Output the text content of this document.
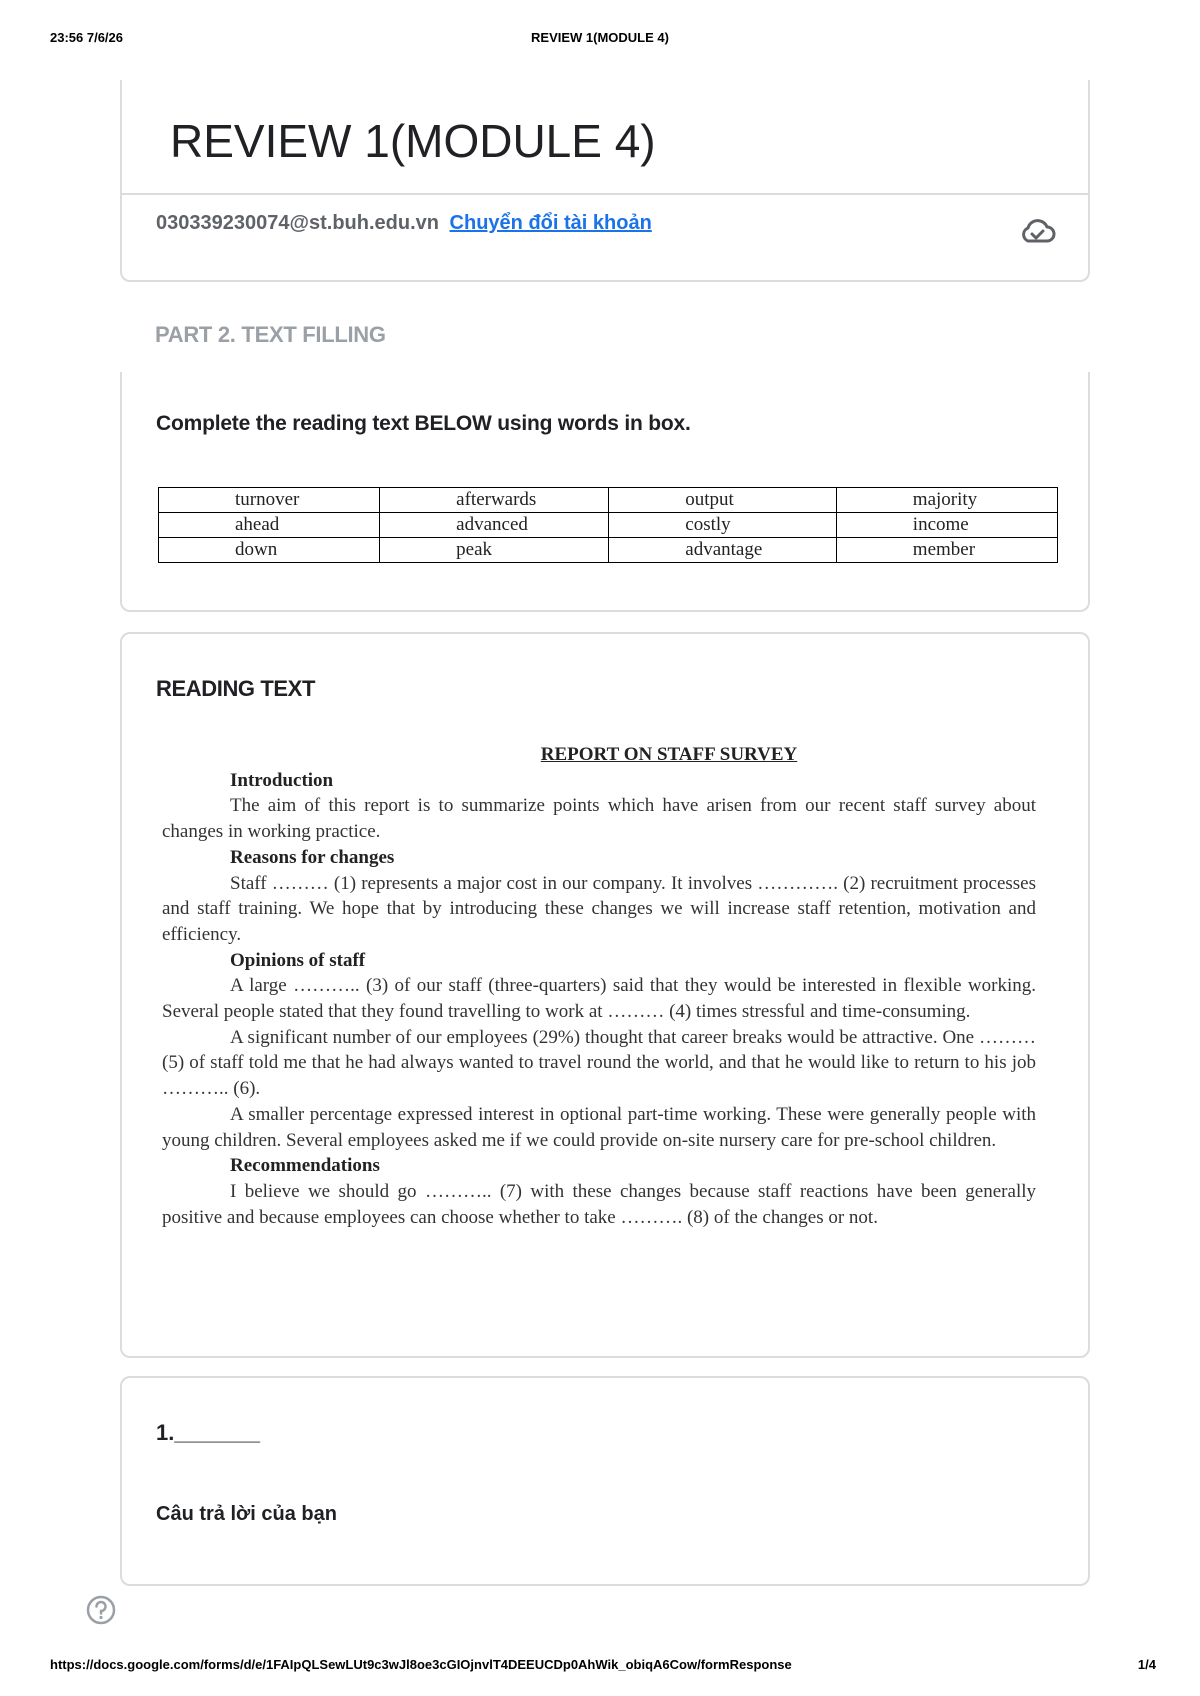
23:56 7/6/26	REVIEW 1(MODULE 4)
REVIEW 1(MODULE 4)
030339230074@st.buh.edu.vn Chuyển đổi tài khoản
PART 2. TEXT FILLING
Complete the reading text BELOW using words in box.
turnover	afterwards	output	majority
ahead	advanced	costly	income
down	peak	advantage	member
READING TEXT
REPORT ON STAFF SURVEY
Introduction

The aim of this report is to summarize points which have arisen from our recent staff survey about changes in working practice.

Reasons for changes

Staff ……… (1) represents a major cost in our company. It involves …………. (2) recruitment processes and staff training. We hope that by introducing these changes we will increase staff retention, motivation and efficiency.

Opinions of staff

A large ……….. (3) of our staff (three-quarters) said that they would be interested in flexible working. Several people stated that they found travelling to work at ……… (4) times stressful and time-consuming.

A significant number of our employees (29%) thought that career breaks would be attractive. One ……… (5) of staff told me that he had always wanted to travel round the world, and that he would like to return to his job ……….. (6).

A smaller percentage expressed interest in optional part-time working. These were generally people with young children. Several employees asked me if we could provide on-site nursery care for pre-school children.

Recommendations

I believe we should go ……….. (7) with these changes because staff reactions have been generally positive and because employees can choose whether to take ………. (8) of the changes or not.

1._______
Câu trả lời của bạn
https://docs.google.com/forms/d/e/1FAIpQLSewLUt9c3wJl8oe3cGIOjnvlT4DEEUCDp0AhWik_obiqA6Cow/formResponse	1/4
